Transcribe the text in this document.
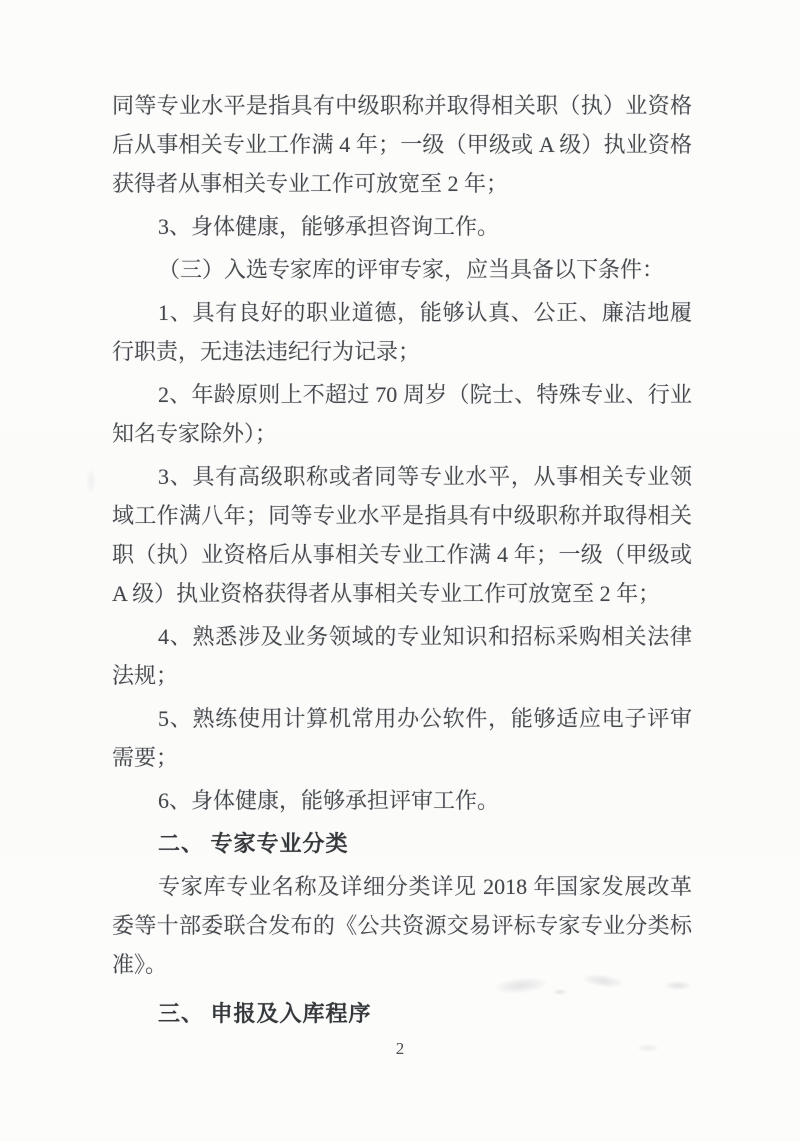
同等专业水平是指具有中级职称并取得相关职（执）业资格后从事相关专业工作满 4 年；一级（甲级或 A 级）执业资格获得者从事相关专业工作可放宽至 2 年；

3、身体健康，能够承担咨询工作。

（三）入选专家库的评审专家，应当具备以下条件：

1、具有良好的职业道德，能够认真、公正、廉洁地履行职责，无违法违纪行为记录；

2、年龄原则上不超过 70 周岁（院士、特殊专业、行业知名专家除外）；

3、具有高级职称或者同等专业水平，从事相关专业领域工作满八年；同等专业水平是指具有中级职称并取得相关职（执）业资格后从事相关专业工作满 4 年；一级（甲级或 A 级）执业资格获得者从事相关专业工作可放宽至 2 年；

4、熟悉涉及业务领域的专业知识和招标采购相关法律法规；

5、熟练使用计算机常用办公软件，能够适应电子评审需要；

6、身体健康，能够承担评审工作。

二、 专家专业分类

专家库专业名称及详细分类详见 2018 年国家发展改革委等十部委联合发布的《公共资源交易评标专家专业分类标准》。

三、 申报及入库程序

2
